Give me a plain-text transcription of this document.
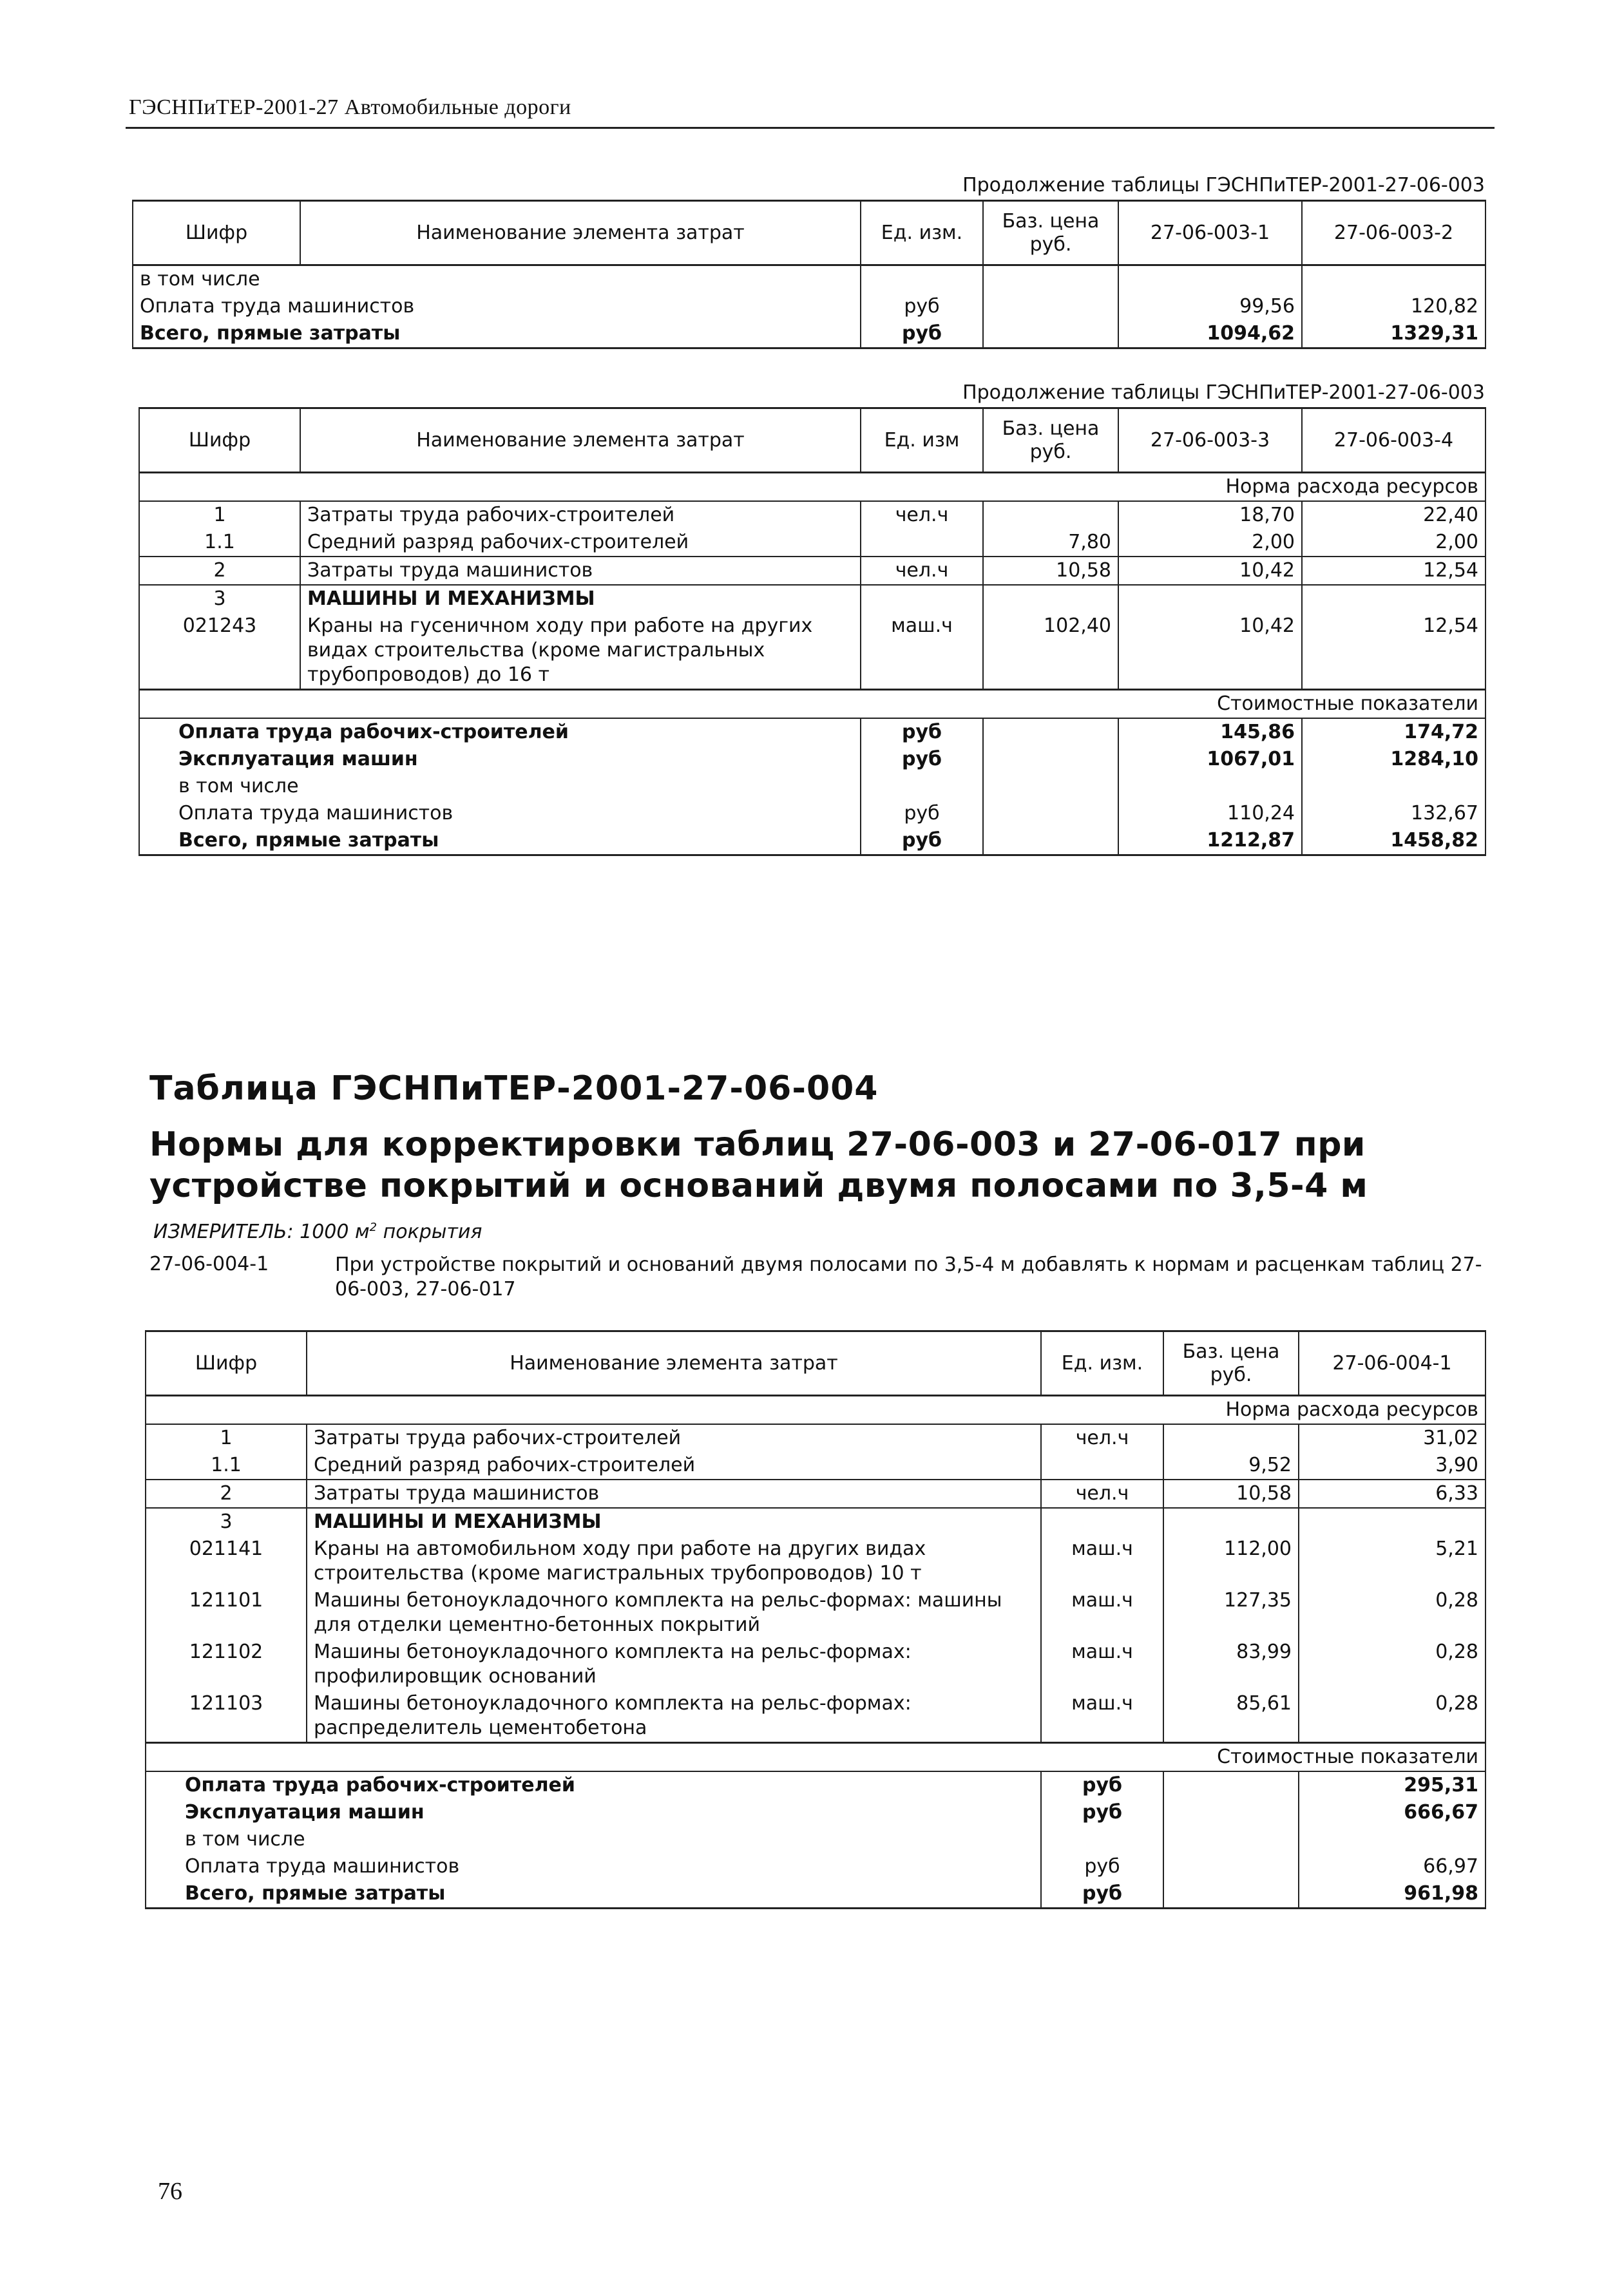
ГЭСНПиТЕР-2001-27 Автомобильные дороги
Продолжение таблицы ГЭСНПиТЕР-2001-27-06-003
Шифр	Наименование элемента затрат	Ед. изм.	Баз. цена руб.	27-06-003-1	27-06-003-2
в том числе					
Оплата труда машинистов		руб		99,56	120,82
Всего, прямые затраты		руб		1094,62	1329,31
Продолжение таблицы ГЭСНПиТЕР-2001-27-06-003
Шифр	Наименование элемента затрат	Ед. изм	Баз. цена руб.	27-06-003-3	27-06-003-4
Норма расхода ресурсов					
1	Затраты труда рабочих-строителей	чел.ч		18,70	22,40
1.1	Средний разряд рабочих-строителей		7,80	2,00	2,00
2	Затраты труда машинистов	чел.ч	10,58	10,42	12,54
3	МАШИНЫ И МЕХАНИЗМЫ				
021243	Краны на гусеничном ходу при работе на других видах строительства (кроме магистральных трубопроводов) до 16 т	маш.ч	102,40	10,42	12,54
Стоимостные показатели					
Оплата труда рабочих-строителей		руб		145,86	174,72
Эксплуатация машин		руб		1067,01	1284,10
в том числе					
Оплата труда машинистов		руб		110,24	132,67
Всего, прямые затраты		руб		1212,87	1458,82
Таблица ГЭСНПиТЕР-2001-27-06-004
Нормы для корректировки таблиц 27-06-003 и 27-06-017 при устройстве покрытий и оснований двумя полосами по 3,5-4 м
ИЗМЕРИТЕЛЬ: 1000 $м^2$ покрытия
27-06-004-1	При устройстве покрытий и оснований двумя полосами по 3,5-4 м добавлять к нормам и расценкам таблиц 27-06-003, 27-06-017
Шифр	Наименование элемента затрат	Ед. изм.	Баз. цена руб.	27-06-004-1
Норма расхода ресурсов				
1	Затраты труда рабочих-строителей	чел.ч		31,02
1.1	Средний разряд рабочих-строителей		9,52	3,90
2	Затраты труда машинистов	чел.ч	10,58	6,33
3	МАШИНЫ И МЕХАНИЗМЫ			
021141	Краны на автомобильном ходу при работе на других видах строительства (кроме магистральных трубопроводов) 10 т	маш.ч	112,00	5,21
121101	Машины бетоноукладочного комплекта на рельс-формах: машины для отделки цементно-бетонных покрытий	маш.ч	127,35	0,28
121102	Машины бетоноукладочного комплекта на рельс-формах: профилировщик оснований	маш.ч	83,99	0,28
121103	Машины бетоноукладочного комплекта на рельс-формах: распределитель цементобетона	маш.ч	85,61	0,28
Стоимостные показатели				
Оплата труда рабочих-строителей		руб		295,31
Эксплуатация машин		руб		666,67
в том числе				
Оплата труда машинистов		руб		66,97
Всего, прямые затраты		руб		961,98
76
